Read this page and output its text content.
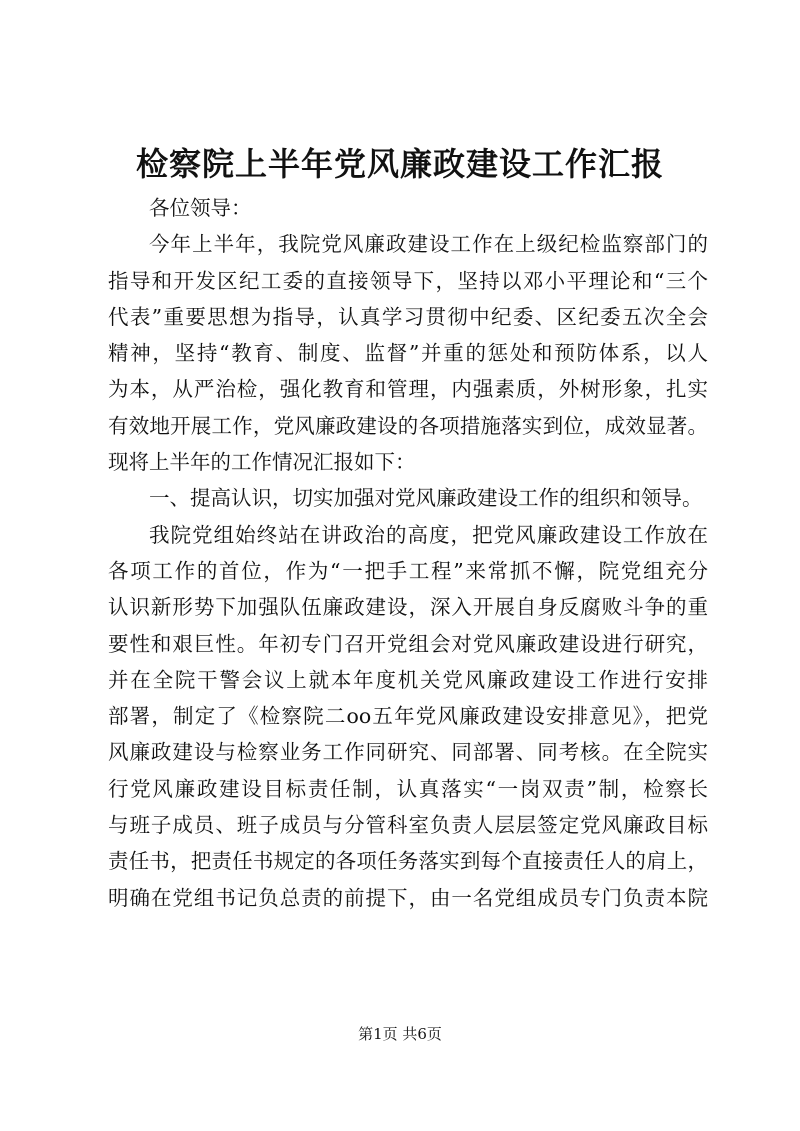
检察院上半年党风廉政建设工作汇报
各位领导：
今年上半年，我院党风廉政建设工作在上级纪检监察部门的
指导和开发区纪工委的直接领导下，坚持以邓小平理论和“三个
代表”重要思想为指导，认真学习贯彻中纪委、区纪委五次全会
精神，坚持“教育、制度、监督”并重的惩处和预防体系，以人
为本，从严治检，强化教育和管理，内强素质，外树形象，扎实
有效地开展工作，党风廉政建设的各项措施落实到位，成效显著。
现将上半年的工作情况汇报如下：
一、提高认识，切实加强对党风廉政建设工作的组织和领导。
我院党组始终站在讲政治的高度，把党风廉政建设工作放在
各项工作的首位，作为“一把手工程”来常抓不懈，院党组充分
认识新形势下加强队伍廉政建设，深入开展自身反腐败斗争的重
要性和艰巨性。年初专门召开党组会对党风廉政建设进行研究，
并在全院干警会议上就本年度机关党风廉政建设工作进行安排
部署，制定了《检察院二oo五年党风廉政建设安排意见》，把党
风廉政建设与检察业务工作同研究、同部署、同考核。在全院实
行党风廉政建设目标责任制，认真落实“一岗双责”制，检察长
与班子成员、班子成员与分管科室负责人层层签定党风廉政目标
责任书，把责任书规定的各项任务落实到每个直接责任人的肩上，
明确在党组书记负总责的前提下，由一名党组成员专门负责本院
第1页 共6页
